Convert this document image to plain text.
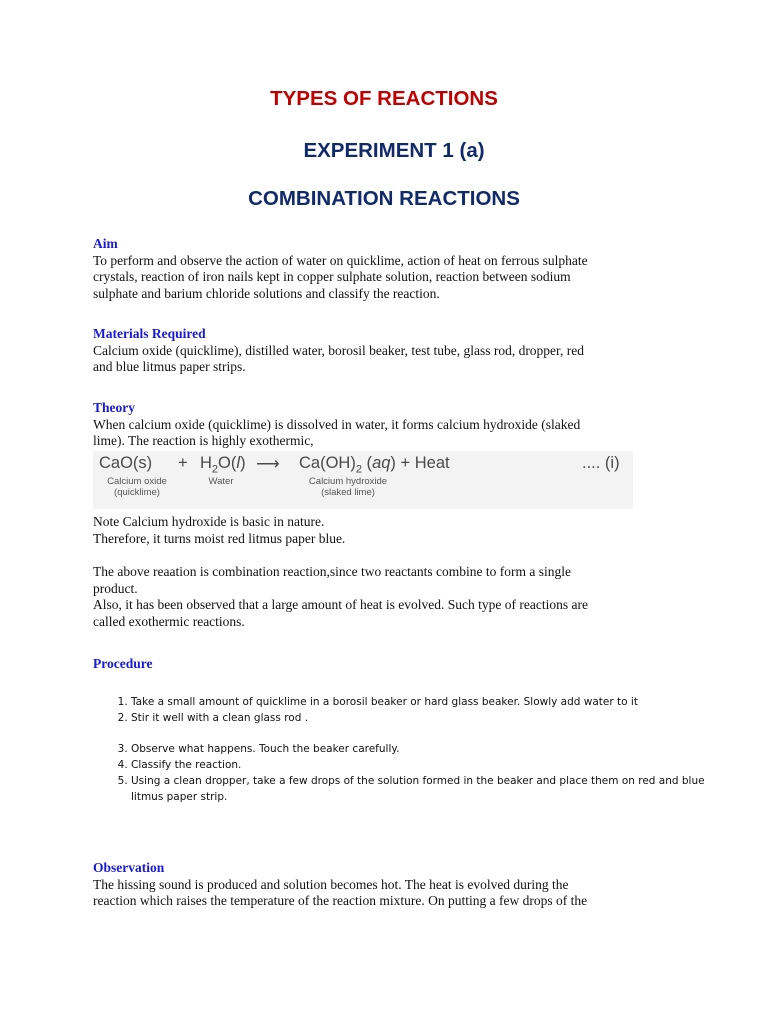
TYPES OF REACTIONS
EXPERIMENT 1 (a)
COMBINATION REACTIONS
Aim
To perform and observe the action of water on quicklime, action of heat on ferrous sulphate
crystals, reaction of iron nails kept in copper sulphate solution, reaction between sodium
sulphate and barium chloride solutions and classify the reaction.
Materials Required
Calcium oxide (quicklime), distilled water, borosil beaker, test tube, glass rod, dropper, red
and blue litmus paper strips.
Theory
When calcium oxide (quicklime) is dissolved in water, it forms calcium hydroxide (slaked
lime). The reaction is highly exothermic,
$CaO(s) + H_2O(l)$ ⟶ $Ca(OH)_2$ (aq) + Heat	.... (i)
Calcium oxide
(quicklime)
Water	Calcium hydroxide
(slaked lime)
Note Calcium hydroxide is basic in nature.
Therefore, it turns moist red litmus paper blue.
The above reaation is combination reaction,since two reactants combine to form a single
product.
Also, it has been observed that a large amount of heat is evolved. Such type of reactions are
called exothermic reactions.
Procedure
1. Take a small amount of quicklime in a borosil beaker or hard glass beaker. Slowly add water to it
2. Stir it well with a clean glass rod .
3. Observe what happens. Touch the beaker carefully.
4. Classify the reaction.
5. Using a clean dropper, take a few drops of the solution formed in the beaker and place them on red and blue litmus paper strip.
Observation
The hissing sound is produced and solution becomes hot. The heat is evolved during the
reaction which raises the temperature of the reaction mixture. On putting a few drops of the
